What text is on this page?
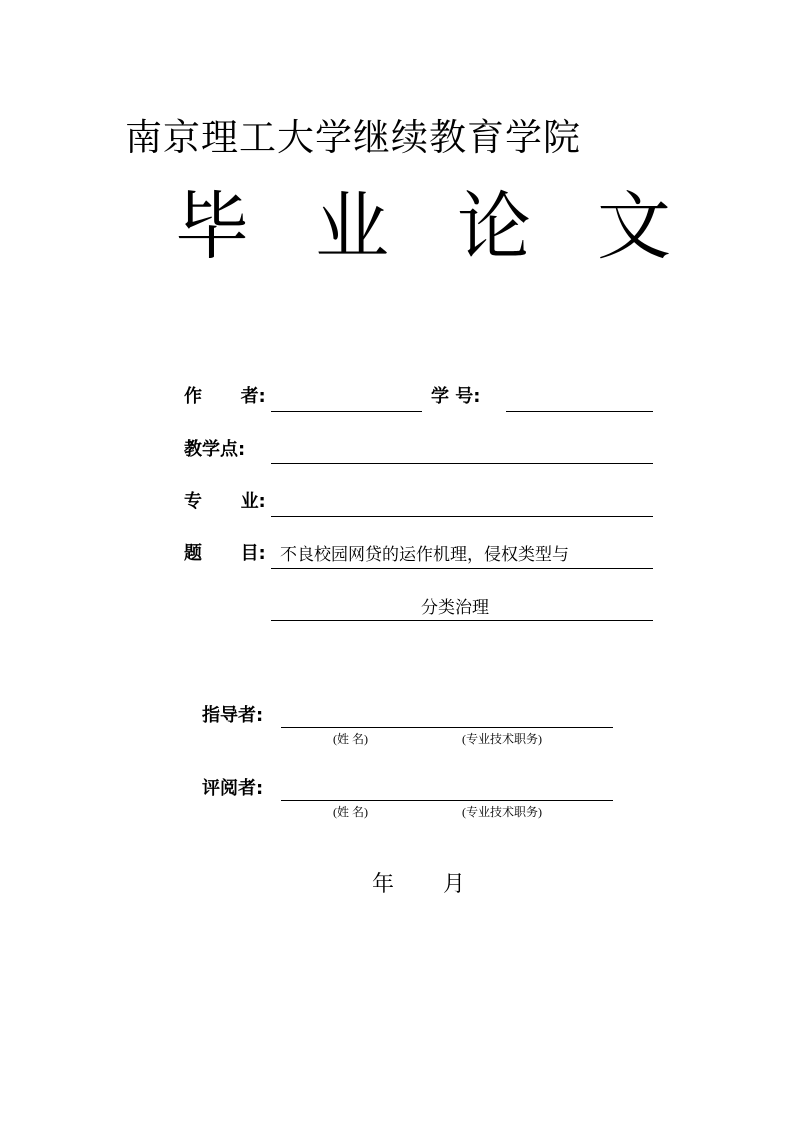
南京理工大学继续教育学院
毕 业 论 文
作 者:	学 号:
教学点:
专 业:
题 目: 不良校园网贷的运作机理，侵权类型与
分类治理
指导者:
(姓 名)	(专业技术职务)
评阅者:
(姓 名)	(专业技术职务)
年 月
